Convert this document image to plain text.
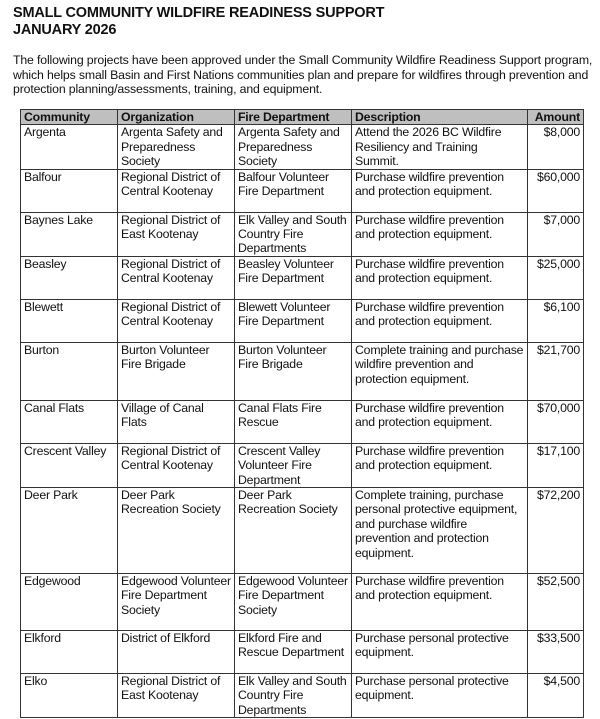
SMALL COMMUNITY WILDFIRE READINESS SUPPORT
JANUARY 2026
The following projects have been approved under the Small Community Wildfire Readiness Support program, which helps small Basin and First Nations communities plan and prepare for wildfires through prevention and protection planning/assessments, training, and equipment.
Community	Organization	Fire Department	Description	Amount
Argenta	Argenta Safety and Preparedness Society	Argenta Safety and Preparedness Society	Attend the 2026 BC Wildfire Resiliency and Training Summit.	$8,000
Balfour	Regional District of Central Kootenay	Balfour Volunteer Fire Department	Purchase wildfire prevention and protection equipment.	$60,000
Baynes Lake	Regional District of East Kootenay	Elk Valley and South Country Fire Departments	Purchase wildfire prevention and protection equipment.	$7,000
Beasley	Regional District of Central Kootenay	Beasley Volunteer Fire Department	Purchase wildfire prevention and protection equipment.	$25,000
Blewett	Regional District of Central Kootenay	Blewett Volunteer Fire Department	Purchase wildfire prevention and protection equipment.	$6,100
Burton	Burton Volunteer Fire Brigade	Burton Volunteer Fire Brigade	Complete training and purchase wildfire prevention and protection equipment.	$21,700
Canal Flats	Village of Canal Flats	Canal Flats Fire Rescue	Purchase wildfire prevention and protection equipment.	$70,000
Crescent Valley	Regional District of Central Kootenay	Crescent Valley Volunteer Fire Department	Purchase wildfire prevention and protection equipment.	$17,100
Deer Park	Deer Park Recreation Society	Deer Park Recreation Society	Complete training, purchase personal protective equipment, and purchase wildfire prevention and protection equipment.	$72,200
Edgewood	Edgewood Volunteer Fire Department Society	Edgewood Volunteer Fire Department Society	Purchase wildfire prevention and protection equipment.	$52,500
Elkford	District of Elkford	Elkford Fire and Rescue Department	Purchase personal protective equipment.	$33,500
Elko	Regional District of East Kootenay	Elk Valley and South Country Fire Departments	Purchase personal protective equipment.	$4,500
